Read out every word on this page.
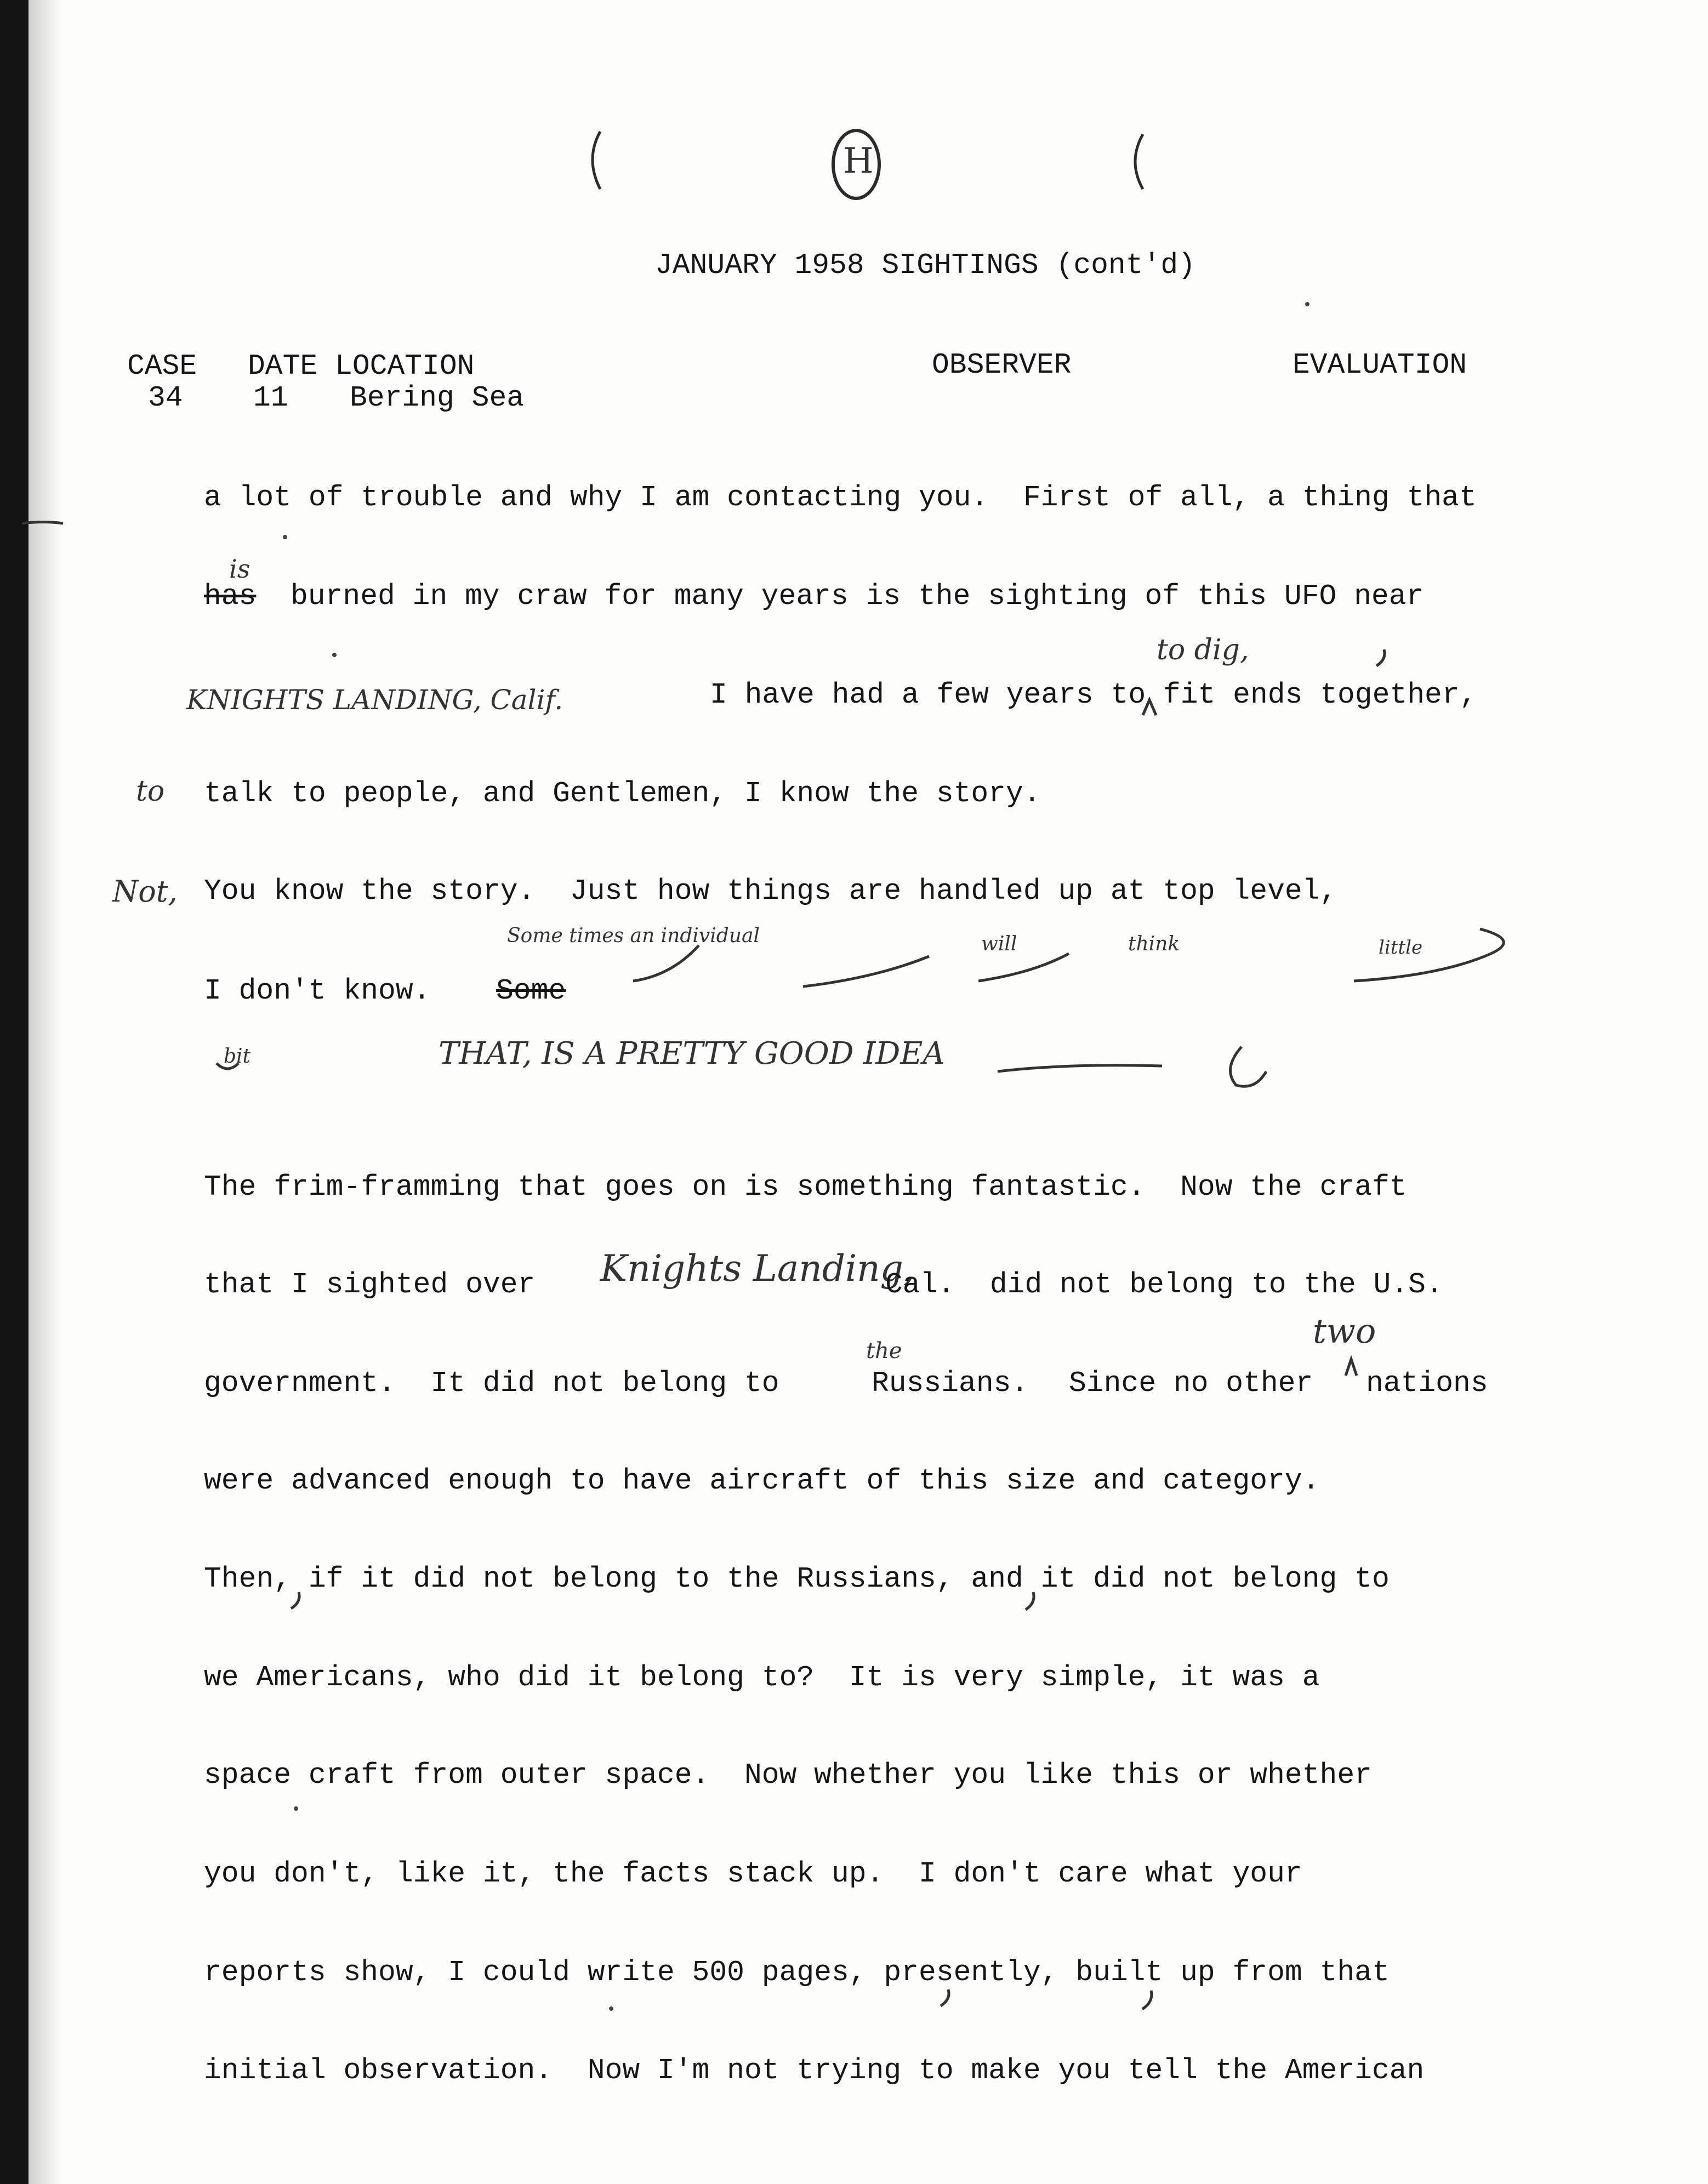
H
JANUARY 1958 SIGHTINGS (cont'd)
CASE DATE LOCATION	OBSERVER	EVALUATION
34 11 Bering Sea
a lot of trouble and why I am contacting you.  First of all, a thing that
has
is
burned in my craw for many years is the sighting of this UFO near
KNIGHTS LANDING, Calif.	I have had a few years to fit ends together,
to dig,
to talk to people, and Gentlemen, I know the story.
Not, You know the story.  Just how things are handled up at top level,
Some times an individual	will	think	little
I don't know. Some
bit	THAT, IS A PRETTY GOOD IDEA
The frim-framming that goes on is something fantastic.  Now the craft
that I sighted over Knights Landing,
Cal.  did not belong to the U.S.
government.  It did not belong to
the
Russians. Since no other
two
nations
were advanced enough to have aircraft of this size and category.
Then, if it did not belong to the Russians, and it did not belong to
we Americans, who did it belong to?  It is very simple, it was a
space craft from outer space.  Now whether you like this or whether
you don't, like it, the facts stack up.  I don't care what your
reports show, I could write 500 pages, presently, built up from that
initial observation.  Now I'm not trying to make you tell the American
